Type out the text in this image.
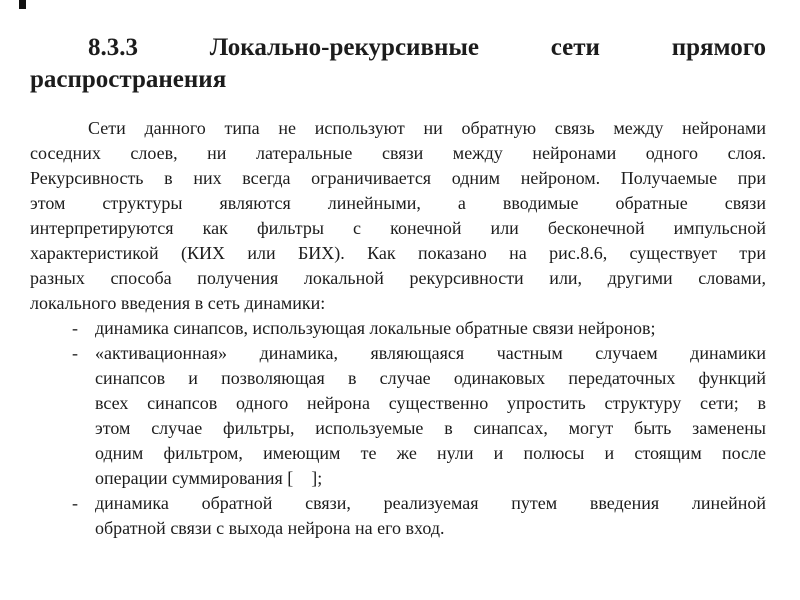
8.3.3 Локально-рекурсивные сети прямого
распространения
Сети данного типа не используют ни обратную связь между нейронами
соседних слоев, ни латеральные связи между нейронами одного слоя.
Рекурсивность в них всегда ограничивается одним нейроном. Получаемые при
этом структуры являются линейными, а вводимые обратные связи
интерпретируются как фильтры с конечной или бесконечной импульсной
характеристикой (КИХ или БИХ). Как показано на рис.8.6, существует три
разных способа получения локальной рекурсивности или, другими словами,
локального введения в сеть динамики:
- динамика синапсов, использующая локальные обратные связи нейронов;
- «активационная» динамика, являющаяся частным случаем динамики
синапсов и позволяющая в случае одинаковых передаточных функций
всех синапсов одного нейрона существенно упростить структуру сети; в
этом случае фильтры, используемые в синапсах, могут быть заменены
одним фильтром, имеющим те же нули и полюсы и стоящим после
операции суммирования [    ];
- динамика обратной связи, реализуемая путем введения линейной
обратной связи с выхода нейрона на его вход.
